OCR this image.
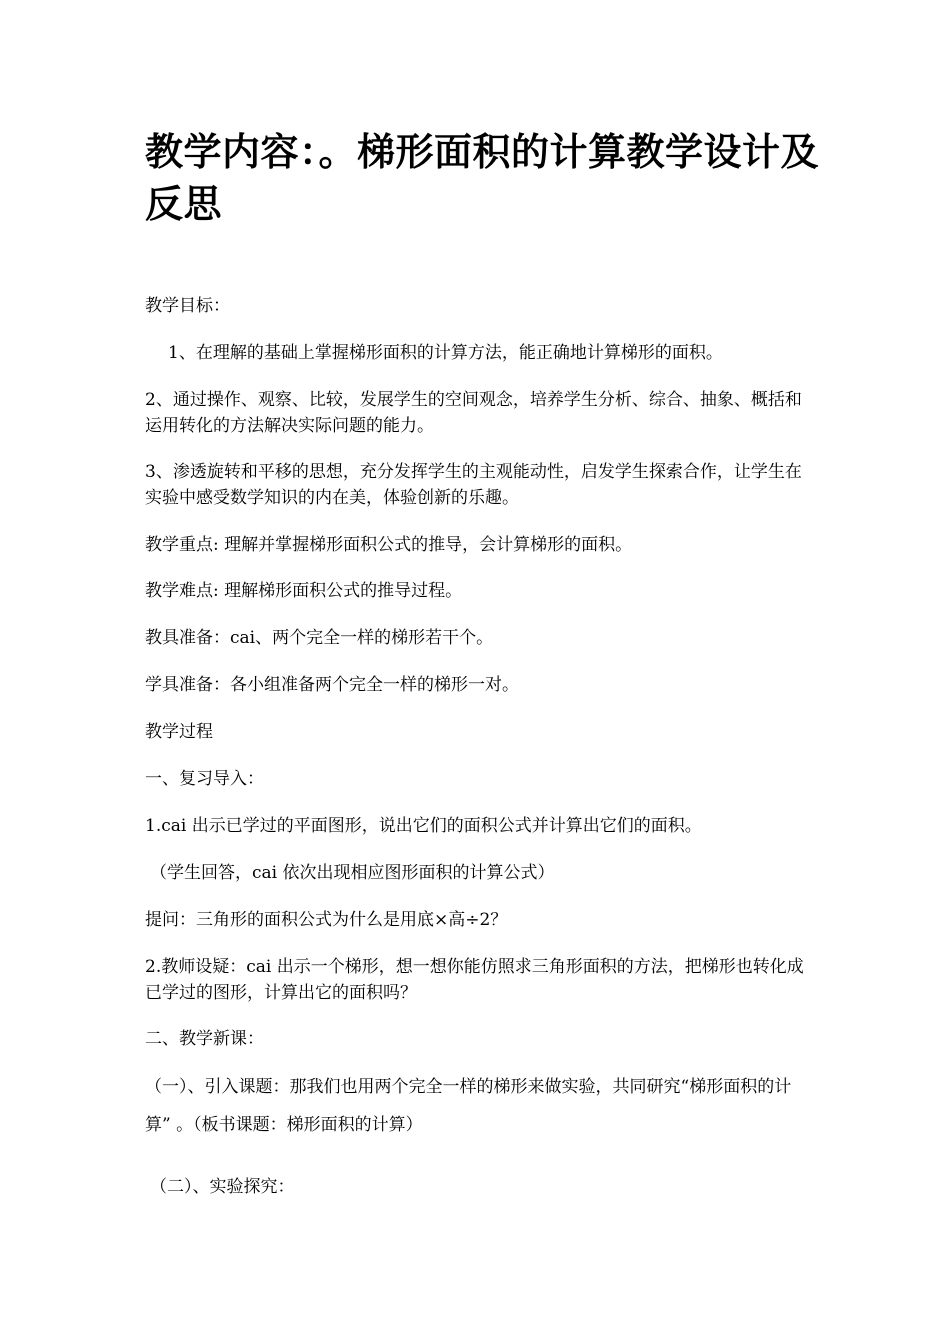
教学内容：。梯形面积的计算教学设计及反思

教学目标：

1、在理解的基础上掌握梯形面积的计算方法，能正确地计算梯形的面积。

2、通过操作、观察、比较，发展学生的空间观念，培养学生分析、综合、抽象、概括和运用转化的方法解决实际问题的能力。

3、渗透旋转和平移的思想，充分发挥学生的主观能动性，启发学生探索合作，让学生在实验中感受数学知识的内在美，体验创新的乐趣。

教学重点: 理解并掌握梯形面积公式的推导，会计算梯形的面积。

教学难点: 理解梯形面积公式的推导过程。

教具准备：cai、两个完全一样的梯形若干个。

学具准备：各小组准备两个完全一样的梯形一对。

教学过程

一、复习导入：

1.cai 出示已学过的平面图形，说出它们的面积公式并计算出它们的面积。

（学生回答，cai 依次出现相应图形面积的计算公式）

提问：三角形的面积公式为什么是用底×高÷2？

2.教师设疑：cai 出示一个梯形，想一想你能仿照求三角形面积的方法，把梯形也转化成已学过的图形，计算出它的面积吗？

二、教学新课：

（一）、引入课题：那我们也用两个完全一样的梯形来做实验，共同研究“梯形面积的计算” 。（板书课题：梯形面积的计算）

（二）、实验探究：
